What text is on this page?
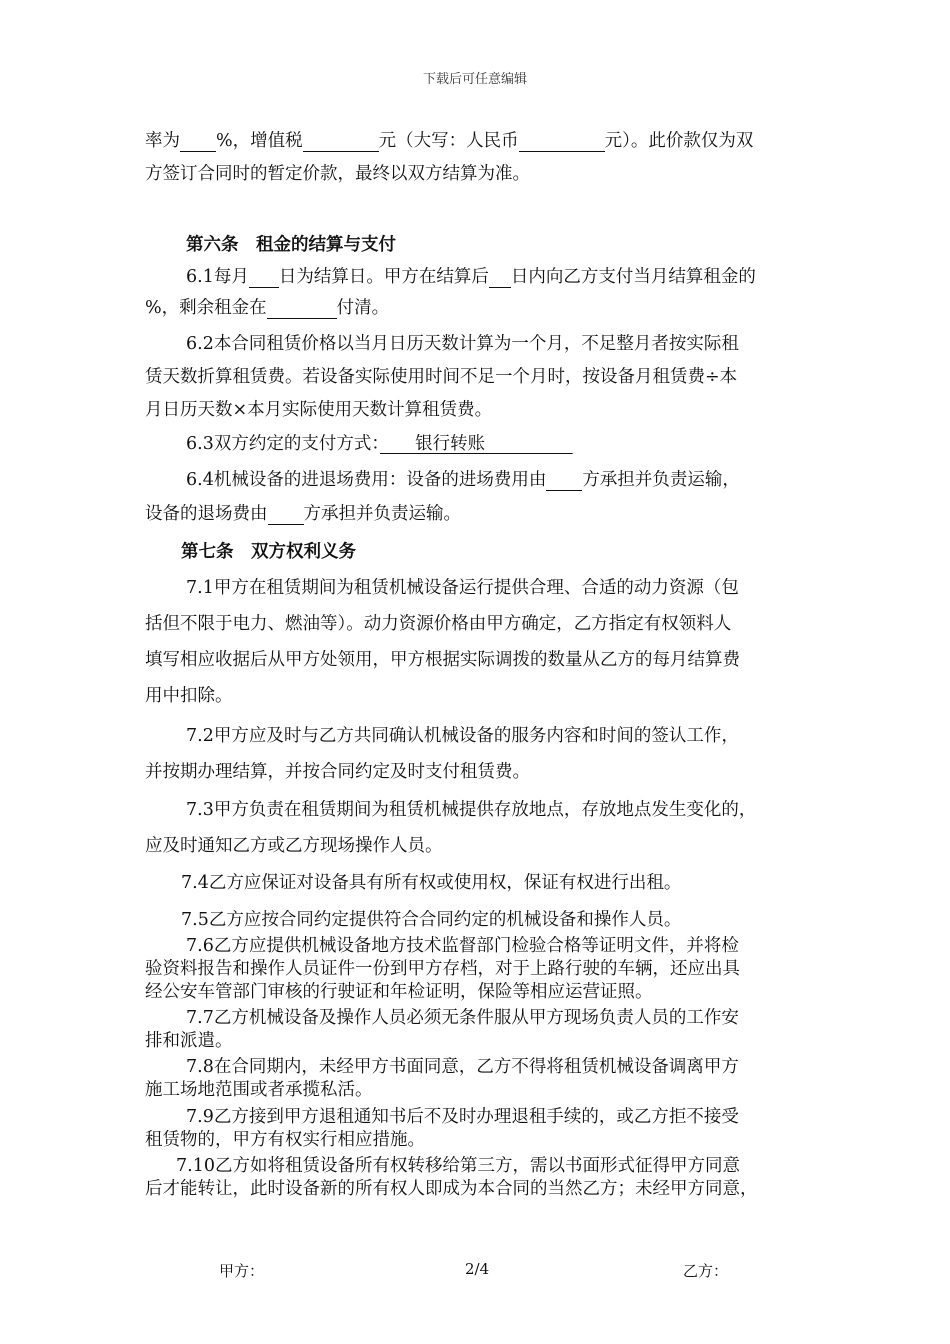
下载后可任意编辑
率为 %，增值税	元（大写：人民币	元）。此价款仅为双
方签订合同时的暂定价款，最终以双方结算为准。
第六条　租金的结算与支付
6.1每月 日为结算日。甲方在结算后 日内向乙方支付当月结算租金的
%，剩余租金在	付清。
6.2本合同租赁价格以当月日历天数计算为一个月，不足整月者按实际租
赁天数折算租赁费。若设备实际使用时间不足一个月时，按设备月租赁费÷本
月日历天数×本月实际使用天数计算租赁费。
6.3双方约定的支付方式：　　银行转账　　　　　
6.4机械设备的进退场费用：设备的进场费用由 方承担并负责运输，
设备的退场费由 方承担并负责运输。
第七条　双方权利义务
7.1甲方在租赁期间为租赁机械设备运行提供合理、合适的动力资源（包
括但不限于电力、燃油等）。动力资源价格由甲方确定，乙方指定有权领料人
填写相应收据后从甲方处领用，甲方根据实际调拨的数量从乙方的每月结算费
用中扣除。
7.2甲方应及时与乙方共同确认机械设备的服务内容和时间的签认工作，
并按期办理结算，并按合同约定及时支付租赁费。
7.3甲方负责在租赁期间为租赁机械提供存放地点，存放地点发生变化的，
应及时通知乙方或乙方现场操作人员。
7.4乙方应保证对设备具有所有权或使用权，保证有权进行出租。
7.5乙方应按合同约定提供符合合同约定的机械设备和操作人员。
7.6乙方应提供机械设备地方技术监督部门检验合格等证明文件，并将检
验资料报告和操作人员证件一份到甲方存档，对于上路行驶的车辆，还应出具
经公安车管部门审核的行驶证和年检证明，保险等相应运营证照。
7.7乙方机械设备及操作人员必须无条件服从甲方现场负责人员的工作安
排和派遣。
7.8在合同期内，未经甲方书面同意，乙方不得将租赁机械设备调离甲方
施工场地范围或者承揽私活。
7.9乙方接到甲方退租通知书后不及时办理退租手续的，或乙方拒不接受
租赁物的，甲方有权实行相应措施。
7.10乙方如将租赁设备所有权转移给第三方，需以书面形式征得甲方同意
后才能转让，此时设备新的所有权人即成为本合同的当然乙方；未经甲方同意，
甲方：	2/4	乙方：
